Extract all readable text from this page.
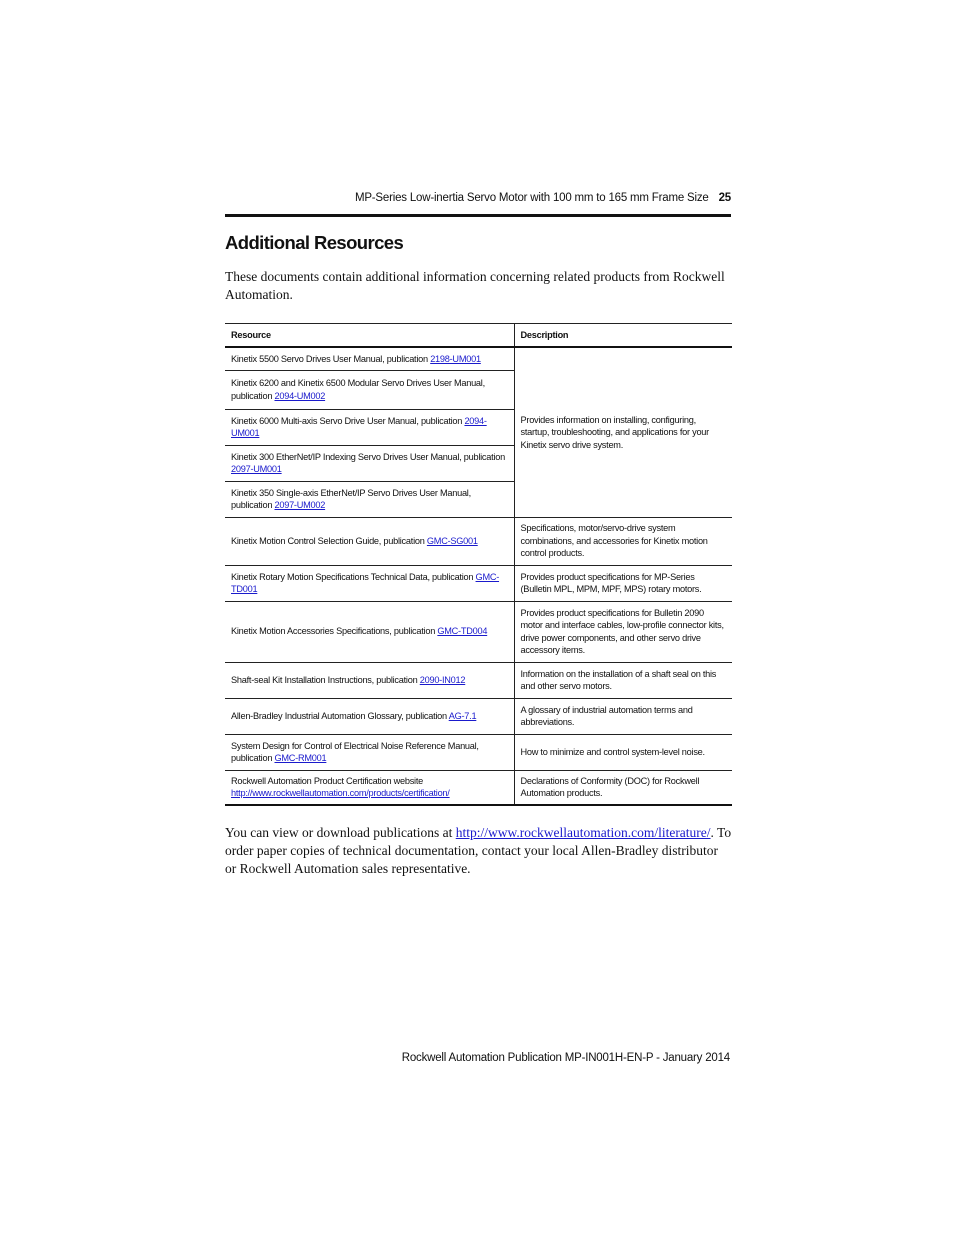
MP-Series Low-inertia Servo Motor with 100 mm to 165 mm Frame Size 25
Additional Resources

These documents contain additional information concerning related products from Rockwell Automation.

Resource	Description
Kinetix 5500 Servo Drives User Manual, publication 2198-UM001	Provides information on installing, configuring, startup, troubleshooting, and applications for your Kinetix servo drive system.
Kinetix 6200 and Kinetix 6500 Modular Servo Drives User Manual, publication 2094-UM002	
Kinetix 6000 Multi-axis Servo Drive User Manual, publication 2094-UM001	
Kinetix 300 EtherNet/IP Indexing Servo Drives User Manual, publication 2097-UM001	
Kinetix 350 Single-axis EtherNet/IP Servo Drives User Manual, publication 2097-UM002	
Kinetix Motion Control Selection Guide, publication GMC-SG001	Specifications, motor/servo-drive system combinations, and accessories for Kinetix motion control products.
Kinetix Rotary Motion Specifications Technical Data, publication GMC-TD001	Provides product specifications for MP-Series (Bulletin MPL, MPM, MPF, MPS) rotary motors.
Kinetix Motion Accessories Specifications, publication GMC-TD004	Provides product specifications for Bulletin 2090 motor and interface cables, low-profile connector kits, drive power components, and other servo drive accessory items.
Shaft-seal Kit Installation Instructions, publication 2090-IN012	Information on the installation of a shaft seal on this and other servo motors.
Allen-Bradley Industrial Automation Glossary, publication AG-7.1	A glossary of industrial automation terms and abbreviations.
System Design for Control of Electrical Noise Reference Manual, publication GMC-RM001	How to minimize and control system-level noise.
Rockwell Automation Product Certification website http://www.rockwellautomation.com/products/certification/	Declarations of Conformity (DOC) for Rockwell Automation products.

You can view or download publications at http://www.rockwellautomation.com/literature/. To order paper copies of technical documentation, contact your local Allen-Bradley distributor or Rockwell Automation sales representative.

Rockwell Automation Publication MP-IN001H-EN-P - January 2014
